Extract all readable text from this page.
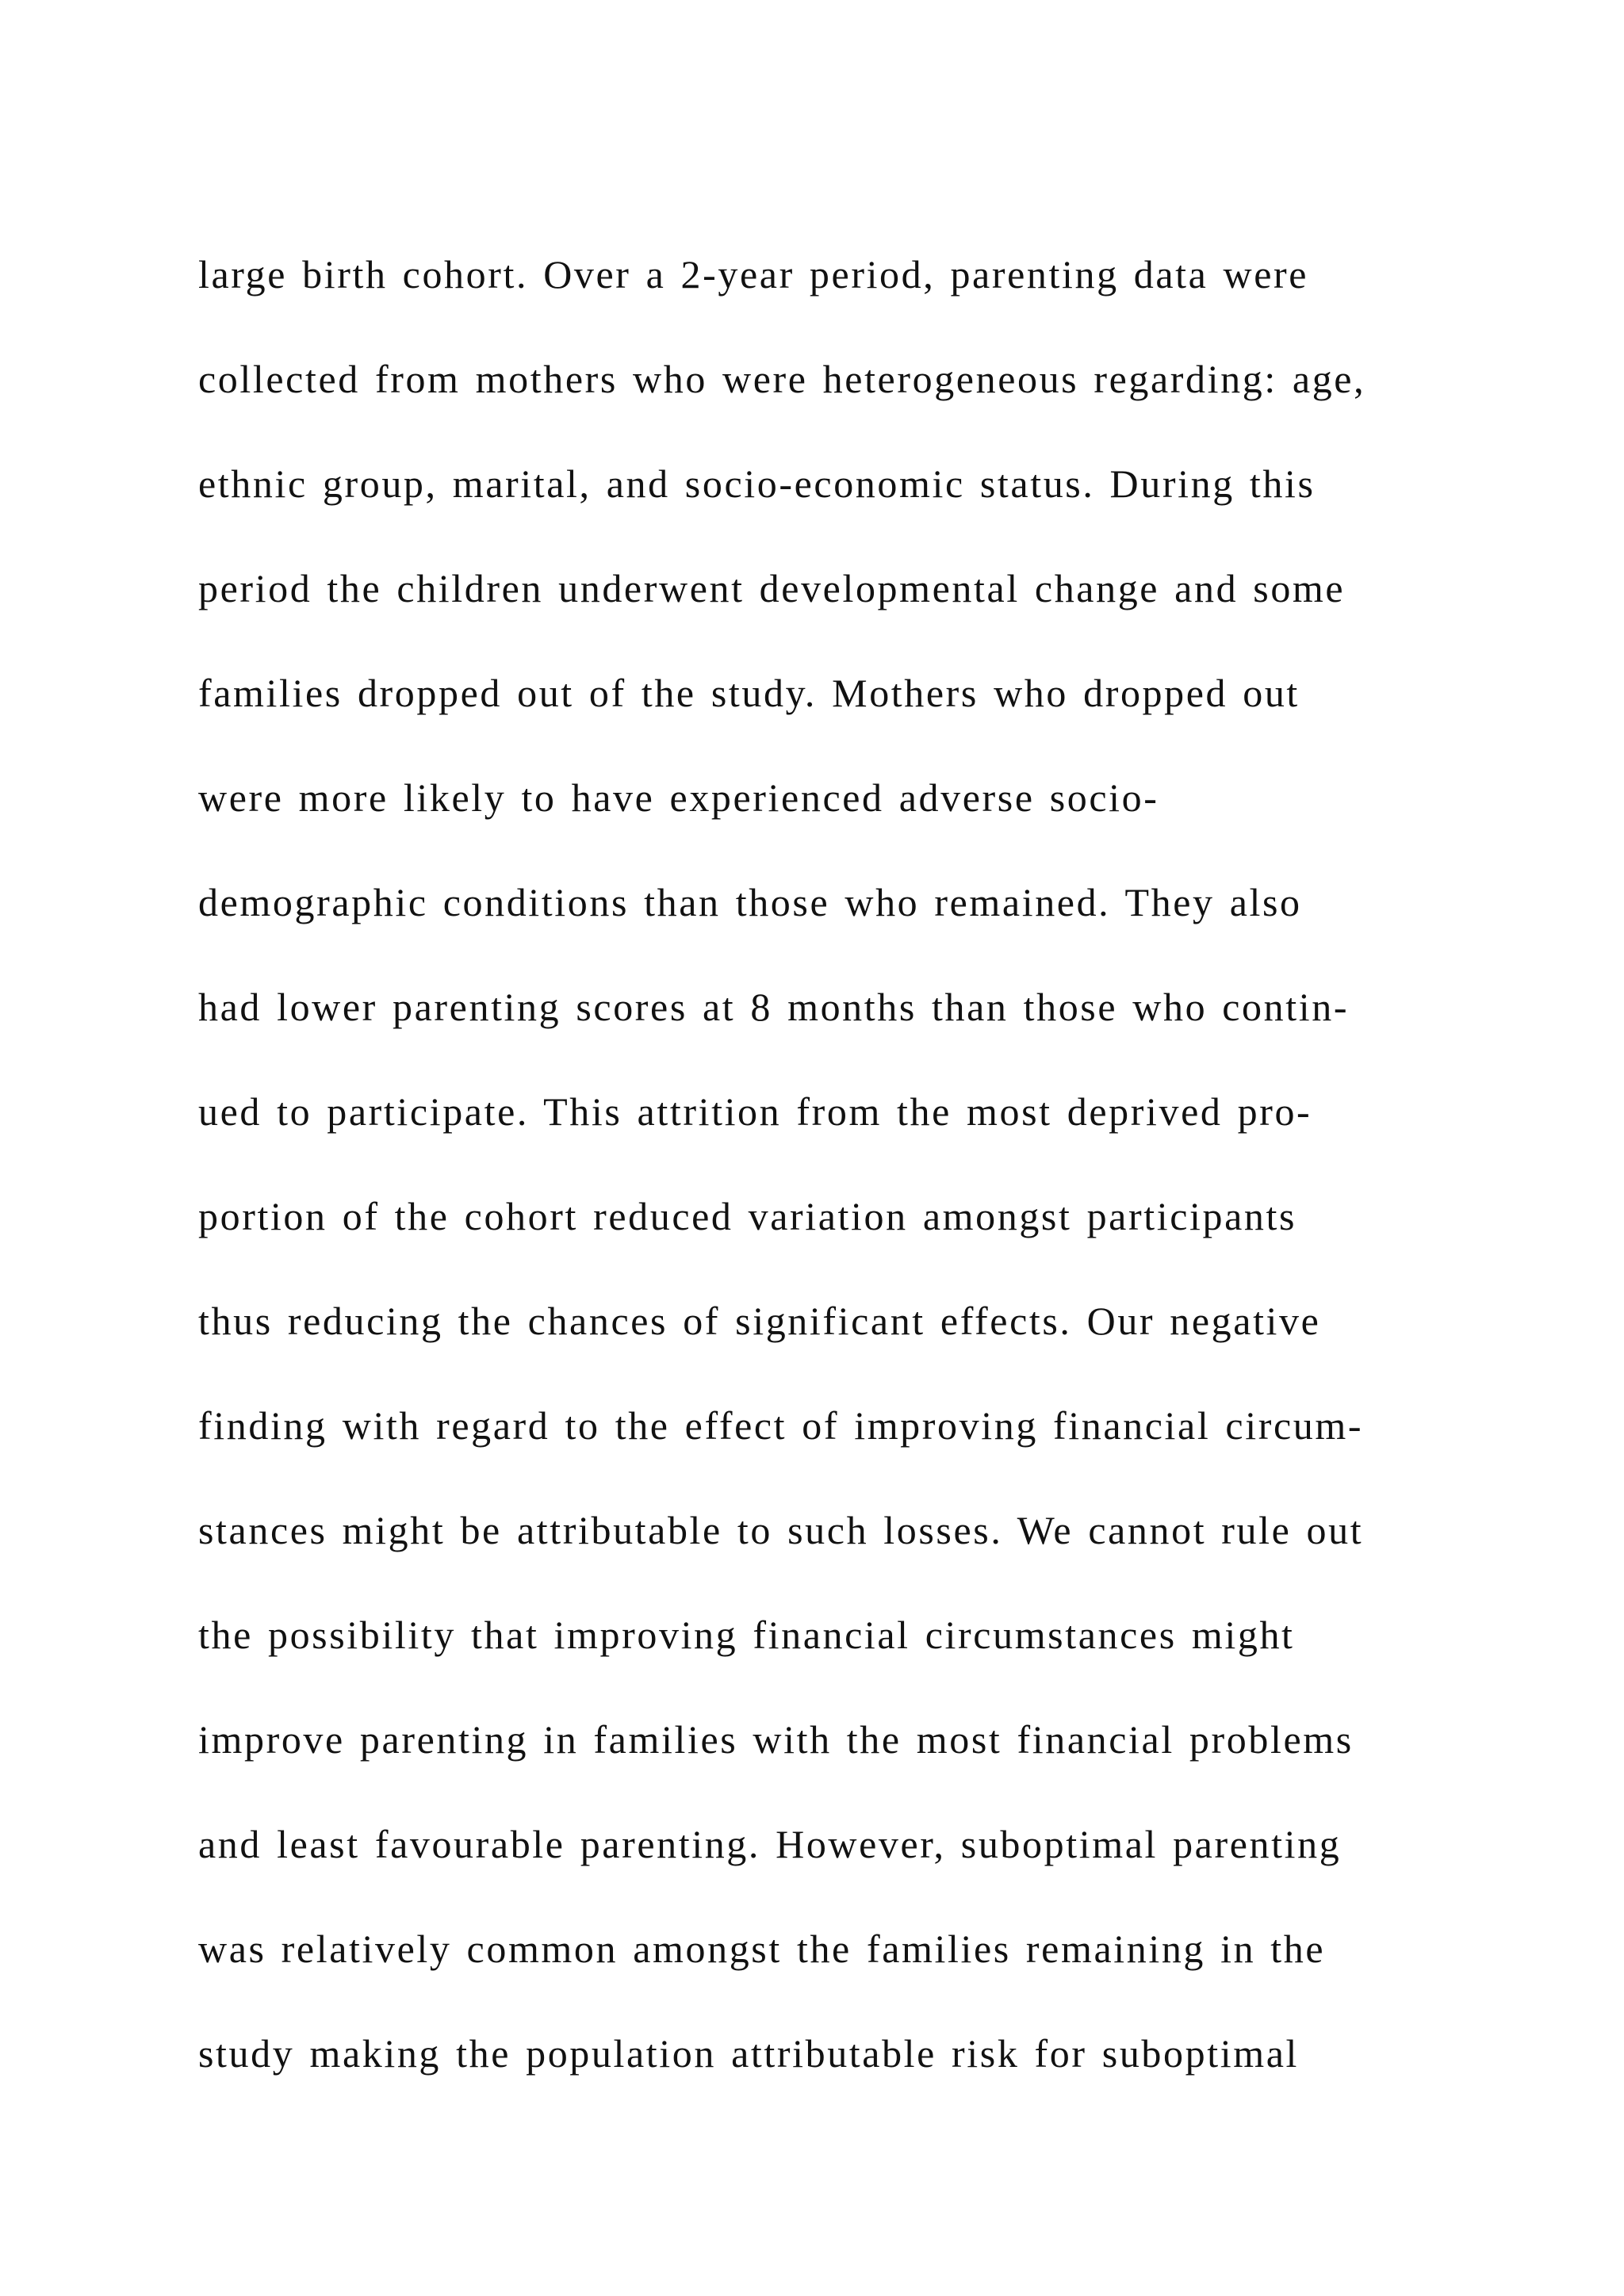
large birth cohort. Over a 2-year period, parenting data were
collected from mothers who were heterogeneous regarding: age,
ethnic group, marital, and socio-economic status. During this
period the children underwent developmental change and some
families dropped out of the study. Mothers who dropped out
were more likely to have experienced adverse socio-
demographic conditions than those who remained. They also
had lower parenting scores at 8 months than those who contin-
ued to participate. This attrition from the most deprived pro-
portion of the cohort reduced variation amongst participants
thus reducing the chances of significant effects. Our negative
finding with regard to the effect of improving financial circum-
stances might be attributable to such losses. We cannot rule out
the possibility that improving financial circumstances might
improve parenting in families with the most financial problems
and least favourable parenting. However, suboptimal parenting
was relatively common amongst the families remaining in the
study making the population attributable risk for suboptimal
